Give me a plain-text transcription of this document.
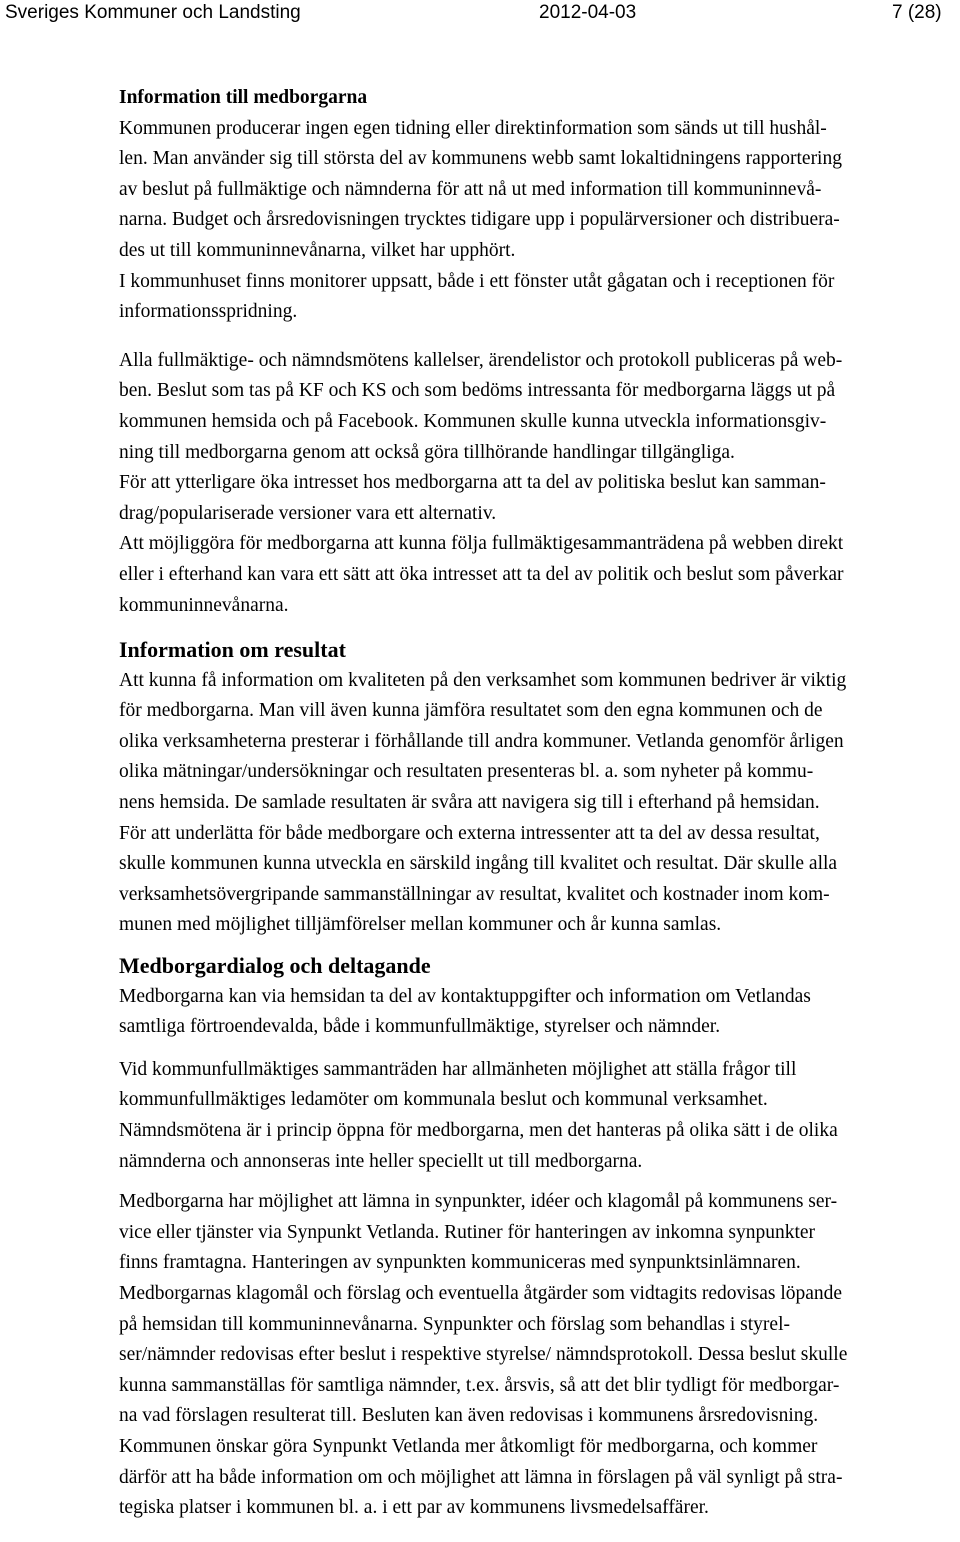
Sveriges Kommuner och Landsting	2012-04-03	7 (28)
Information till medborgarna
Kommunen producerar ingen egen tidning eller direktinformation som sänds ut till hushål-
len. Man använder sig till största del av kommunens webb samt lokaltidningens rapportering
av beslut på fullmäktige och nämnderna för att nå ut med information till kommuninnevå-
narna. Budget och årsredovisningen trycktes tidigare upp i populärversioner och distribuera-
des ut till kommuninnevånarna, vilket har upphört.
I kommunhuset finns monitorer uppsatt, både i ett fönster utåt gågatan och i receptionen för
informationsspridning.
Alla fullmäktige- och nämndsmötens kallelser, ärendelistor och protokoll publiceras på web-
ben. Beslut som tas på KF och KS och som bedöms intressanta för medborgarna läggs ut på
kommunen hemsida och på Facebook. Kommunen skulle kunna utveckla informationsgiv-
ning till medborgarna genom att också göra tillhörande handlingar tillgängliga.
För att ytterligare öka intresset hos medborgarna att ta del av politiska beslut kan samman-
drag/populariserade versioner vara ett alternativ.
Att möjliggöra för medborgarna att kunna följa fullmäktigesammanträdena på webben direkt
eller i efterhand kan vara ett sätt att öka intresset att ta del av politik och beslut som påverkar
kommuninnevånarna.
Information om resultat
Att kunna få information om kvaliteten på den verksamhet som kommunen bedriver är viktig
för medborgarna. Man vill även kunna jämföra resultatet som den egna kommunen och de
olika verksamheterna presterar i förhållande till andra kommuner. Vetlanda genomför årligen
olika mätningar/undersökningar och resultaten presenteras bl. a. som nyheter på kommu-
nens hemsida. De samlade resultaten är svåra att navigera sig till i efterhand på hemsidan.
För att underlätta för både medborgare och externa intressenter att ta del av dessa resultat,
skulle kommunen kunna utveckla en särskild ingång till kvalitet och resultat. Där skulle alla
verksamhetsövergripande sammanställningar av resultat, kvalitet och kostnader inom kom-
munen med möjlighet tilljämförelser mellan kommuner och år kunna samlas.
Medborgardialog och deltagande
Medborgarna kan via hemsidan ta del av kontaktuppgifter och information om Vetlandas
samtliga förtroendevalda, både i kommunfullmäktige, styrelser och nämnder.
Vid kommunfullmäktiges sammanträden har allmänheten möjlighet att ställa frågor till
kommunfullmäktiges ledamöter om kommunala beslut och kommunal verksamhet.
Nämndsmötena är i princip öppna för medborgarna, men det hanteras på olika sätt i de olika
nämnderna och annonseras inte heller speciellt ut till medborgarna.
Medborgarna har möjlighet att lämna in synpunkter, idéer och klagomål på kommunens ser-
vice eller tjänster via Synpunkt Vetlanda. Rutiner för hanteringen av inkomna synpunkter
finns framtagna. Hanteringen av synpunkten kommuniceras med synpunktsinlämnaren.
Medborgarnas klagomål och förslag och eventuella åtgärder som vidtagits redovisas löpande
på hemsidan till kommuninnevånarna. Synpunkter och förslag som behandlas i styrel-
ser/nämnder redovisas efter beslut i respektive styrelse/ nämndsprotokoll. Dessa beslut skulle
kunna sammanställas för samtliga nämnder, t.ex. årsvis, så att det blir tydligt för medborgar-
na vad förslagen resulterat till. Besluten kan även redovisas i kommunens årsredovisning.
Kommunen önskar göra Synpunkt Vetlanda mer åtkomligt för medborgarna, och kommer
därför att ha både information om och möjlighet att lämna in förslagen på väl synligt på stra-
tegiska platser i kommunen bl. a. i ett par av kommunens livsmedelsaffärer.
